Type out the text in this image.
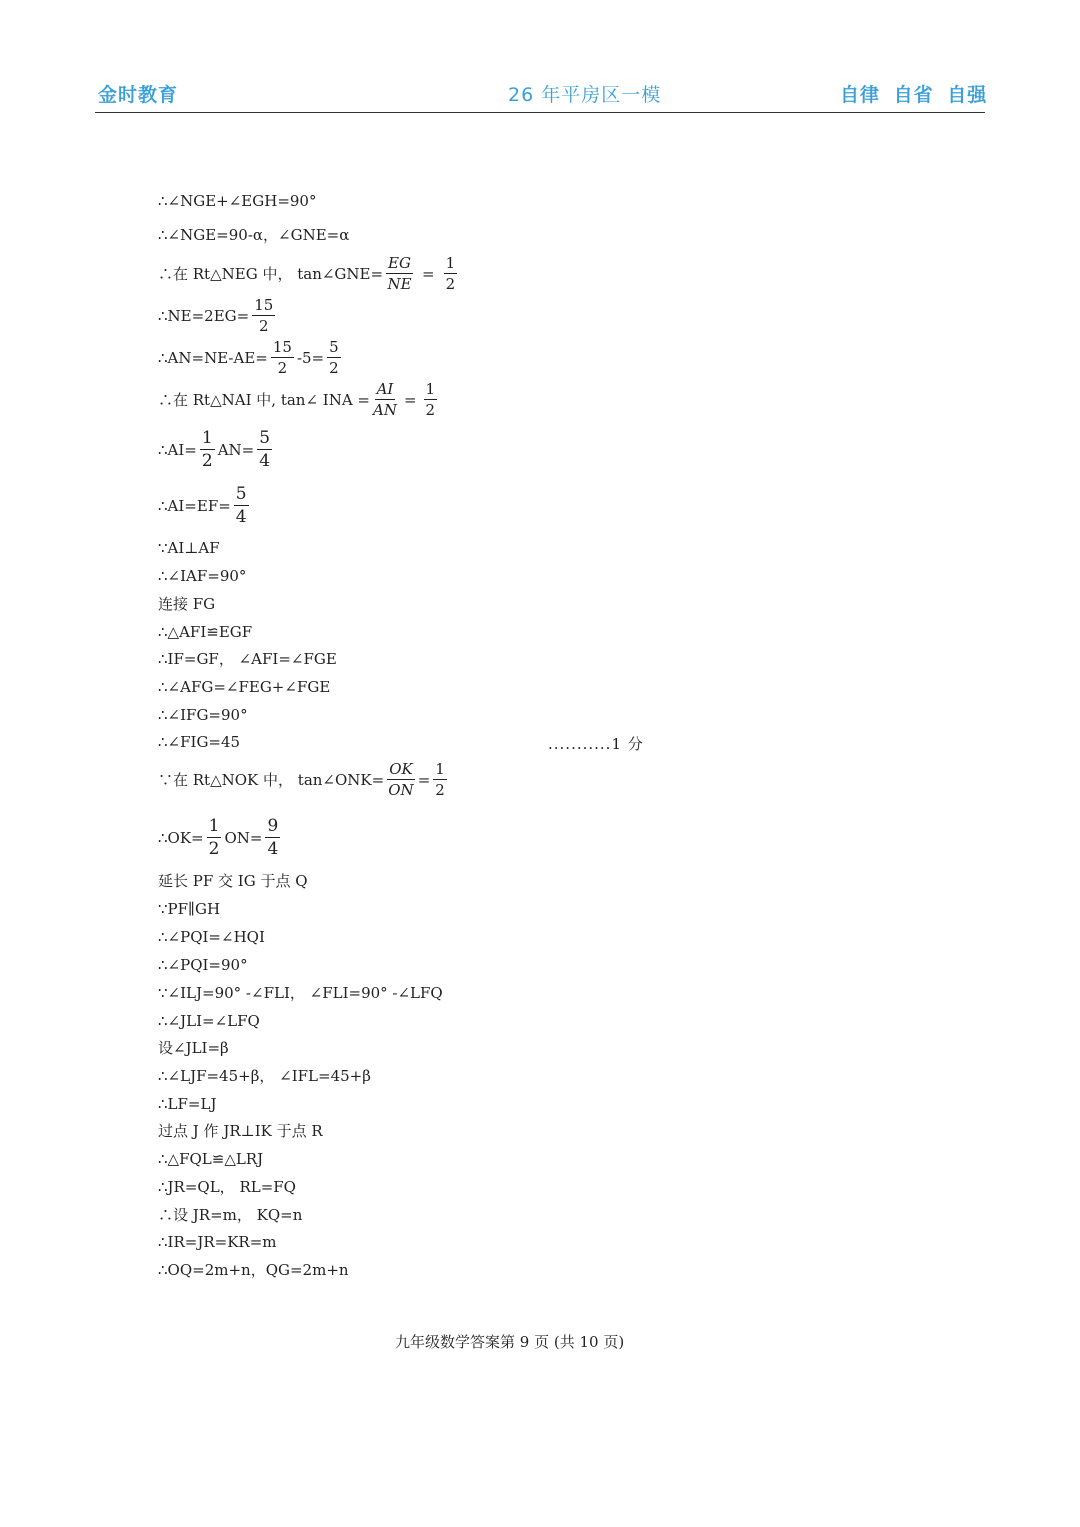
金时教育	26 年平房区一模	自律 自省 自强
∴∠NGE+∠EGH=90°
∴∠NGE=90-α，∠GNE=α
∴在 Rt△NEG 中， tan∠GNE= $\frac{EG}{NE} = \frac{1}{2}$
∴NE=2EG= $\frac{15}{2}$
∴AN=NE-AE= $\frac{15}{2} -5= \frac{5}{2}$
∴在 Rt△NAI 中, tan∠ INA = $\frac{AI}{AN} = \frac{1}{2}$
∴AI= $\frac{1}{2} AN= \frac{5}{4}$
∴AI=EF= $\frac{5}{4}$
∵AI⊥AF
∴∠IAF=90°
连接 FG
∴△AFI≌EGF
∴IF=GF， ∠AFI=∠FGE
∴∠AFG=∠FEG+∠FGE
∴∠IFG=90°
∴∠FIG=45	...........1 分
∵在 Rt△NOK 中， tan∠ONK= $\frac{OK}{ON} = \frac{1}{2}$
∴OK= $\frac{1}{2} ON= \frac{9}{4}$
延长 PF 交 IG 于点 Q
∵PF∥GH
∴∠PQI=∠HQI
∴∠PQI=90°
∵∠ILJ=90° -∠FLI， ∠FLI=90° -∠LFQ
∴∠JLI=∠LFQ
设∠JLI=β
∴∠LJF=45+β， ∠IFL=45+β
∴LF=LJ
过点 J 作 JR⊥IK 于点 R
∴△FQL≌△LRJ
∴JR=QL， RL=FQ
∴设 JR=m， KQ=n
∴IR=JR=KR=m
∴OQ=2m+n，QG=2m+n
九年级数学答案第 9 页 (共 10 页)
